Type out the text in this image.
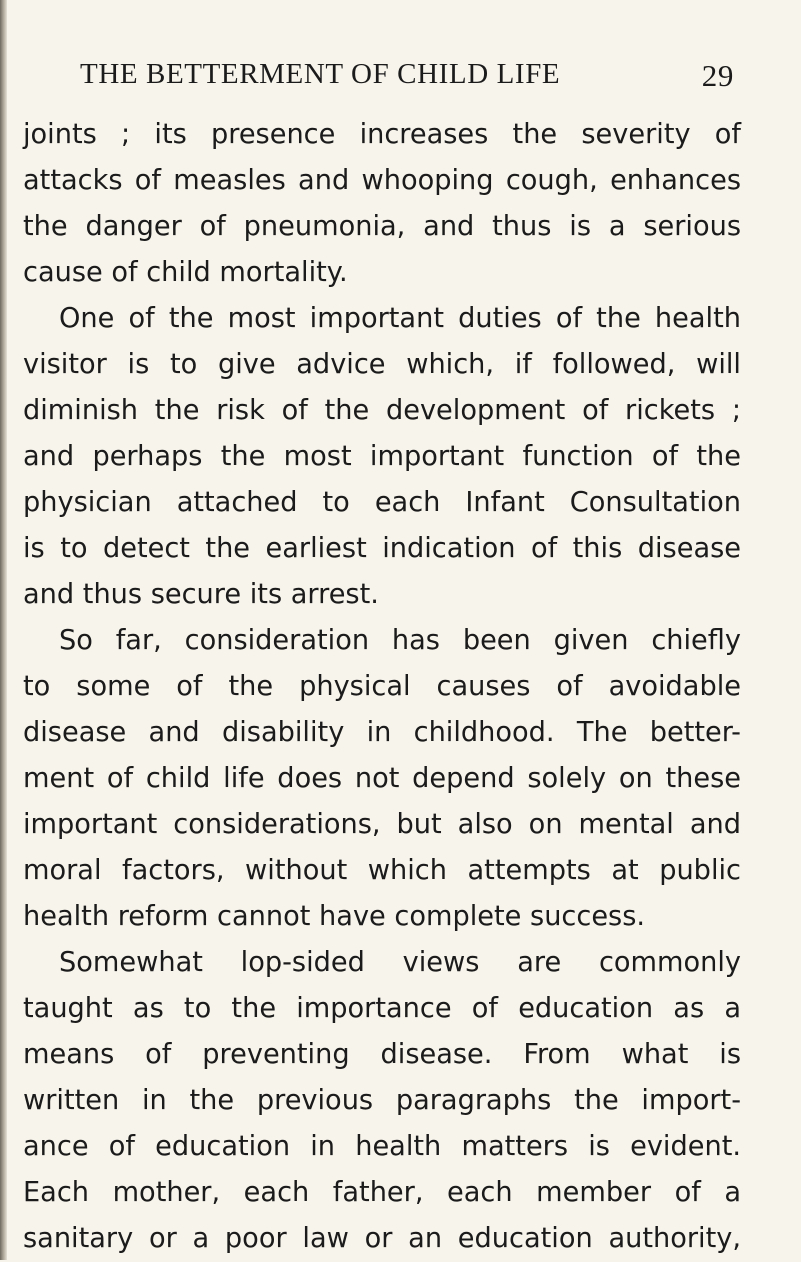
THE BETTERMENT OF CHILD LIFE	29
joints ; its presence increases the severity of
attacks of measles and whooping cough, enhances
the danger of pneumonia, and thus is a serious
cause of child mortality.
One of the most important duties of the health
visitor is to give advice which, if followed, will
diminish the risk of the development of rickets ;
and perhaps the most important function of the
physician attached to each Infant Consultation
is to detect the earliest indication of this disease
and thus secure its arrest.
So far, consideration has been given chiefly
to some of the physical causes of avoidable
disease and disability in childhood. The better-
ment of child life does not depend solely on these
important considerations, but also on mental and
moral factors, without which attempts at public
health reform cannot have complete success.
Somewhat lop-sided views are commonly
taught as to the importance of education as a
means of preventing disease. From what is
written in the previous paragraphs the import-
ance of education in health matters is evident.
Each mother, each father, each member of a
sanitary or a poor law or an education authority,
